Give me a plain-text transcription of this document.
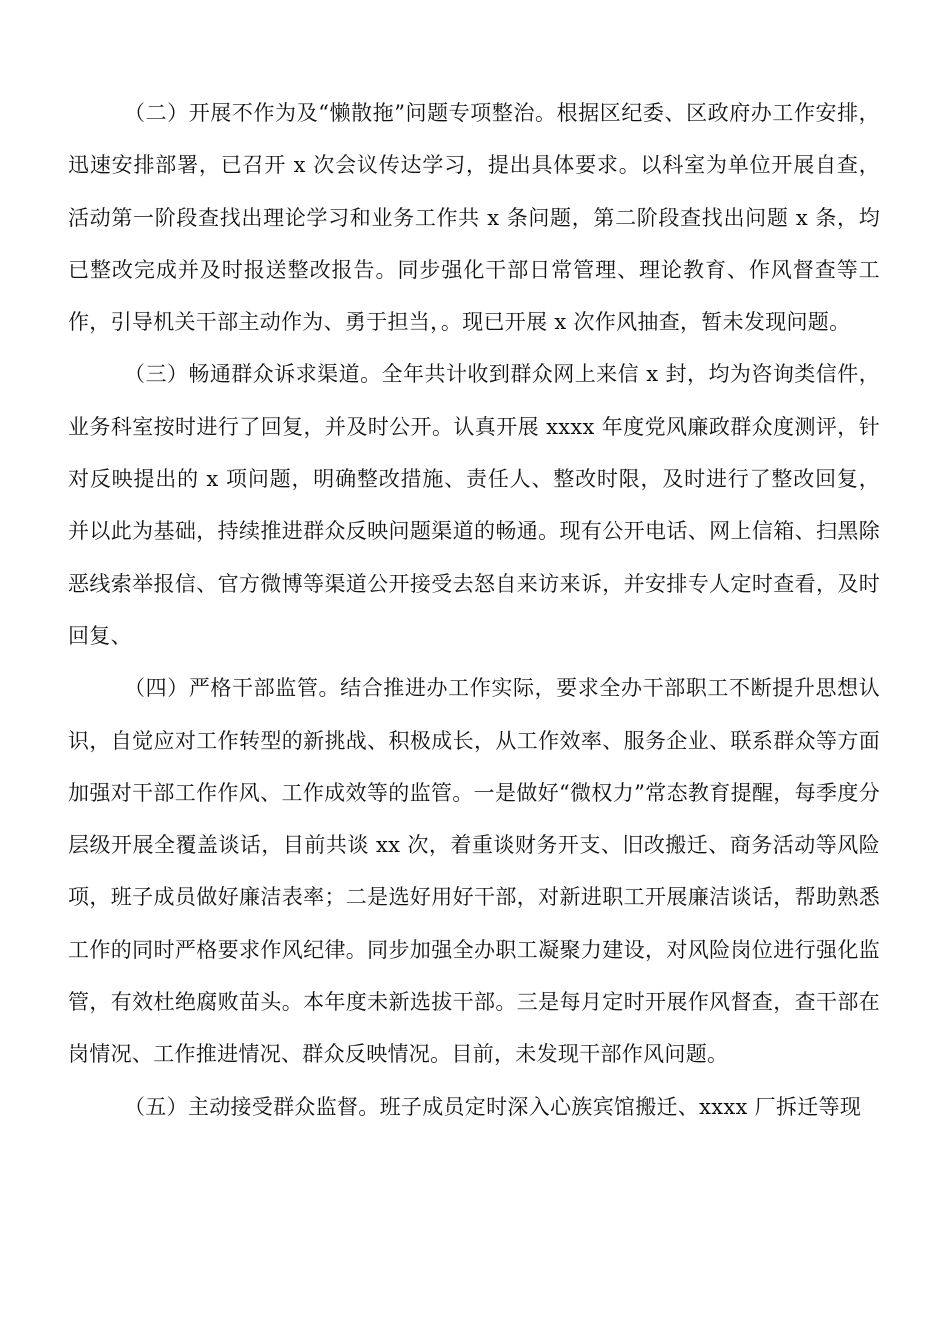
（二）开展不作为及“懒散拖”问题专项整治。根据区纪委、区政府办工作安排，迅速安排部署，已召开 x 次会议传达学习，提出具体要求。以科室为单位开展自查，活动第一阶段查找出理论学习和业务工作共 x 条问题，第二阶段查找出问题 x 条，均已整改完成并及时报送整改报告。同步强化干部日常管理、理论教育、作风督查等工作，引导机关干部主动作为、勇于担当，。现已开展 x 次作风抽查，暂未发现问题。

（三）畅通群众诉求渠道。全年共计收到群众网上来信 x 封，均为咨询类信件，业务科室按时进行了回复，并及时公开。认真开展 xxxx 年度党风廉政群众度测评，针对反映提出的 x 项问题，明确整改措施、责任人、整改时限，及时进行了整改回复，并以此为基础，持续推进群众反映问题渠道的畅通。现有公开电话、网上信箱、扫黑除恶线索举报信、官方微博等渠道公开接受去怒自来访来诉，并安排专人定时查看，及时回复、

（四）严格干部监管。结合推进办工作实际，要求全办干部职工不断提升思想认识，自觉应对工作转型的新挑战、积极成长，从工作效率、服务企业、联系群众等方面加强对干部工作作风、工作成效等的监管。一是做好“微权力”常态教育提醒，每季度分层级开展全覆盖谈话，目前共谈 xx 次，着重谈财务开支、旧改搬迁、商务活动等风险项，班子成员做好廉洁表率；二是选好用好干部，对新进职工开展廉洁谈话，帮助熟悉工作的同时严格要求作风纪律。同步加强全办职工凝聚力建设，对风险岗位进行强化监管，有效杜绝腐败苗头。本年度未新选拔干部。三是每月定时开展作风督查，查干部在岗情况、工作推进情况、群众反映情况。目前，未发现干部作风问题。

（五）主动接受群众监督。班子成员定时深入心族宾馆搬迁、xxxx 厂拆迁等现
